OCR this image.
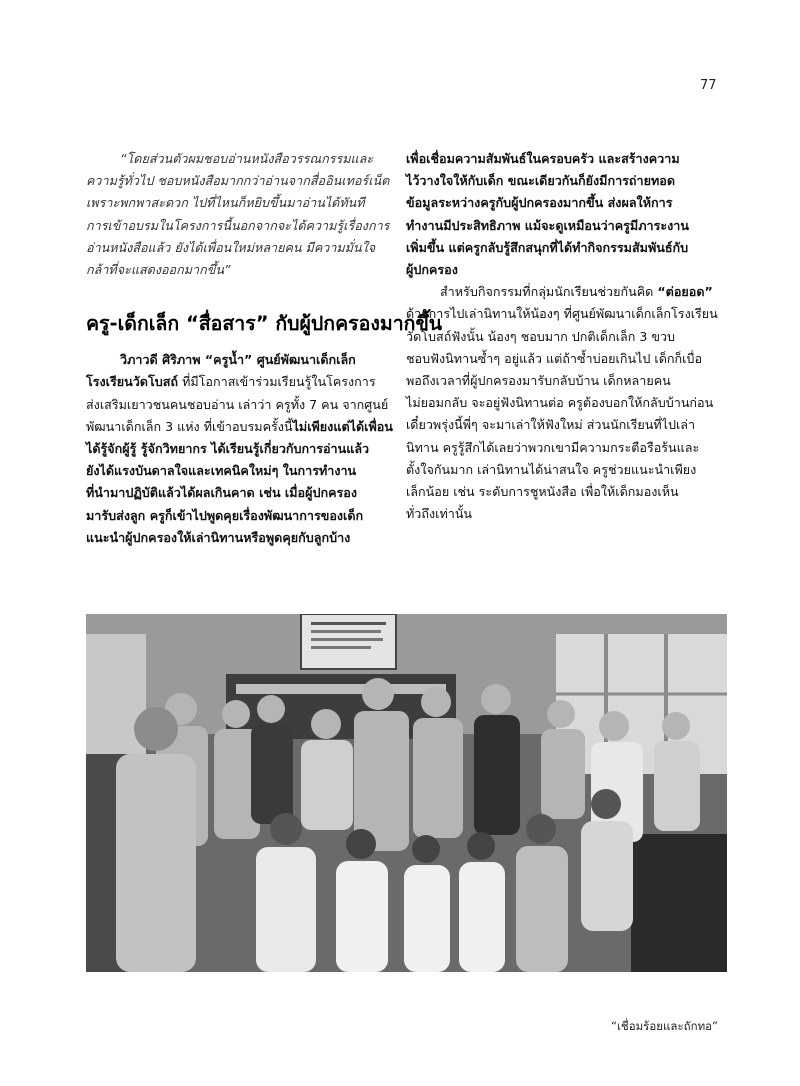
77

“โดยส่วนตัวผมชอบอ่านหนังสือวรรณกรรมและ
ความรู้ทั่วไป ชอบหนังสือมากกว่าอ่านจากสื่ออินเทอร์เน็ต
เพราะพกพาสะดวก ไปที่ไหนก็หยิบขึ้นมาอ่านได้ทันที
การเข้าอบรมในโครงการนี้นอกจากจะได้ความรู้เรื่องการ
อ่านหนังสือแล้ว ยังได้เพื่อนใหม่หลายคน มีความมั่นใจ
กล้าที่จะแสดงออกมากขึ้น”

ครู-เด็กเล็ก “สื่อสาร” กับผู้ปกครองมากขึ้น

วิภาวดี ศิริภาพ “ครูน้ำ” ศูนย์พัฒนาเด็กเล็ก
โรงเรียนวัดโบสถ์ ที่มีโอกาสเข้าร่วมเรียนรู้ในโครงการ
ส่งเสริมเยาวชนคนชอบอ่าน เล่าว่า ครูทั้ง 7 คน จากศูนย์
พัฒนาเด็กเล็ก 3 แห่ง ที่เข้าอบรมครั้งนี้ไม่เพียงแต่ได้เพื่อน
ได้รู้จักผู้รู้ รู้จักวิทยากร ได้เรียนรู้เกี่ยวกับการอ่านแล้ว
ยังได้แรงบันดาลใจและเทคนิคใหม่ๆ ในการทำงาน
ที่นำมาปฏิบัติแล้วได้ผลเกินคาด เช่น เมื่อผู้ปกครอง
มารับส่งลูก ครูก็เข้าไปพูดคุยเรื่องพัฒนาการของเด็ก
แนะนำผู้ปกครองให้เล่านิทานหรือพูดคุยกับลูกบ้าง

เพื่อเชื่อมความสัมพันธ์ในครอบครัว และสร้างความ
ไว้วางใจให้กับเด็ก ขณะเดียวกันก็ยังมีการถ่ายทอด
ข้อมูลระหว่างครูกับผู้ปกครองมากขึ้น ส่งผลให้การ
ทำงานมีประสิทธิภาพ แม้จะดูเหมือนว่าครูมีภาระงาน
เพิ่มขึ้น แต่ครูกลับรู้สึกสนุกที่ได้ทำกิจกรรมสัมพันธ์กับ
ผู้ปกครอง

สำหรับกิจกรรมที่กลุ่มนักเรียนช่วยกันคิด “ต่อยอด”
ด้วยการไปเล่านิทานให้น้องๆ ที่ศูนย์พัฒนาเด็กเล็กโรงเรียน
วัดโบสถ์ฟังนั้น น้องๆ ชอบมาก ปกติเด็กเล็ก 3 ขวบ
ชอบฟังนิทานซ้ำๆ อยู่แล้ว แต่ถ้าซ้ำบ่อยเกินไป เด็กก็เบื่อ
พอถึงเวลาที่ผู้ปกครองมารับกลับบ้าน เด็กหลายคน
ไม่ยอมกลับ จะอยู่ฟังนิทานต่อ ครูต้องบอกให้กลับบ้านก่อน
เดี๋ยวพรุ่งนี้พี่ๆ จะมาเล่าให้ฟังใหม่ ส่วนนักเรียนที่ไปเล่า
นิทาน ครูรู้สึกได้เลยว่าพวกเขามีความกระตือรือร้นและ
ตั้งใจกันมาก เล่านิทานได้น่าสนใจ ครูช่วยแนะนำเพียง
เล็กน้อย เช่น ระดับการชูหนังสือ เพื่อให้เด็กมองเห็น
ทั่วถึงเท่านั้น

“เชื่อมร้อยและถักทอ”
